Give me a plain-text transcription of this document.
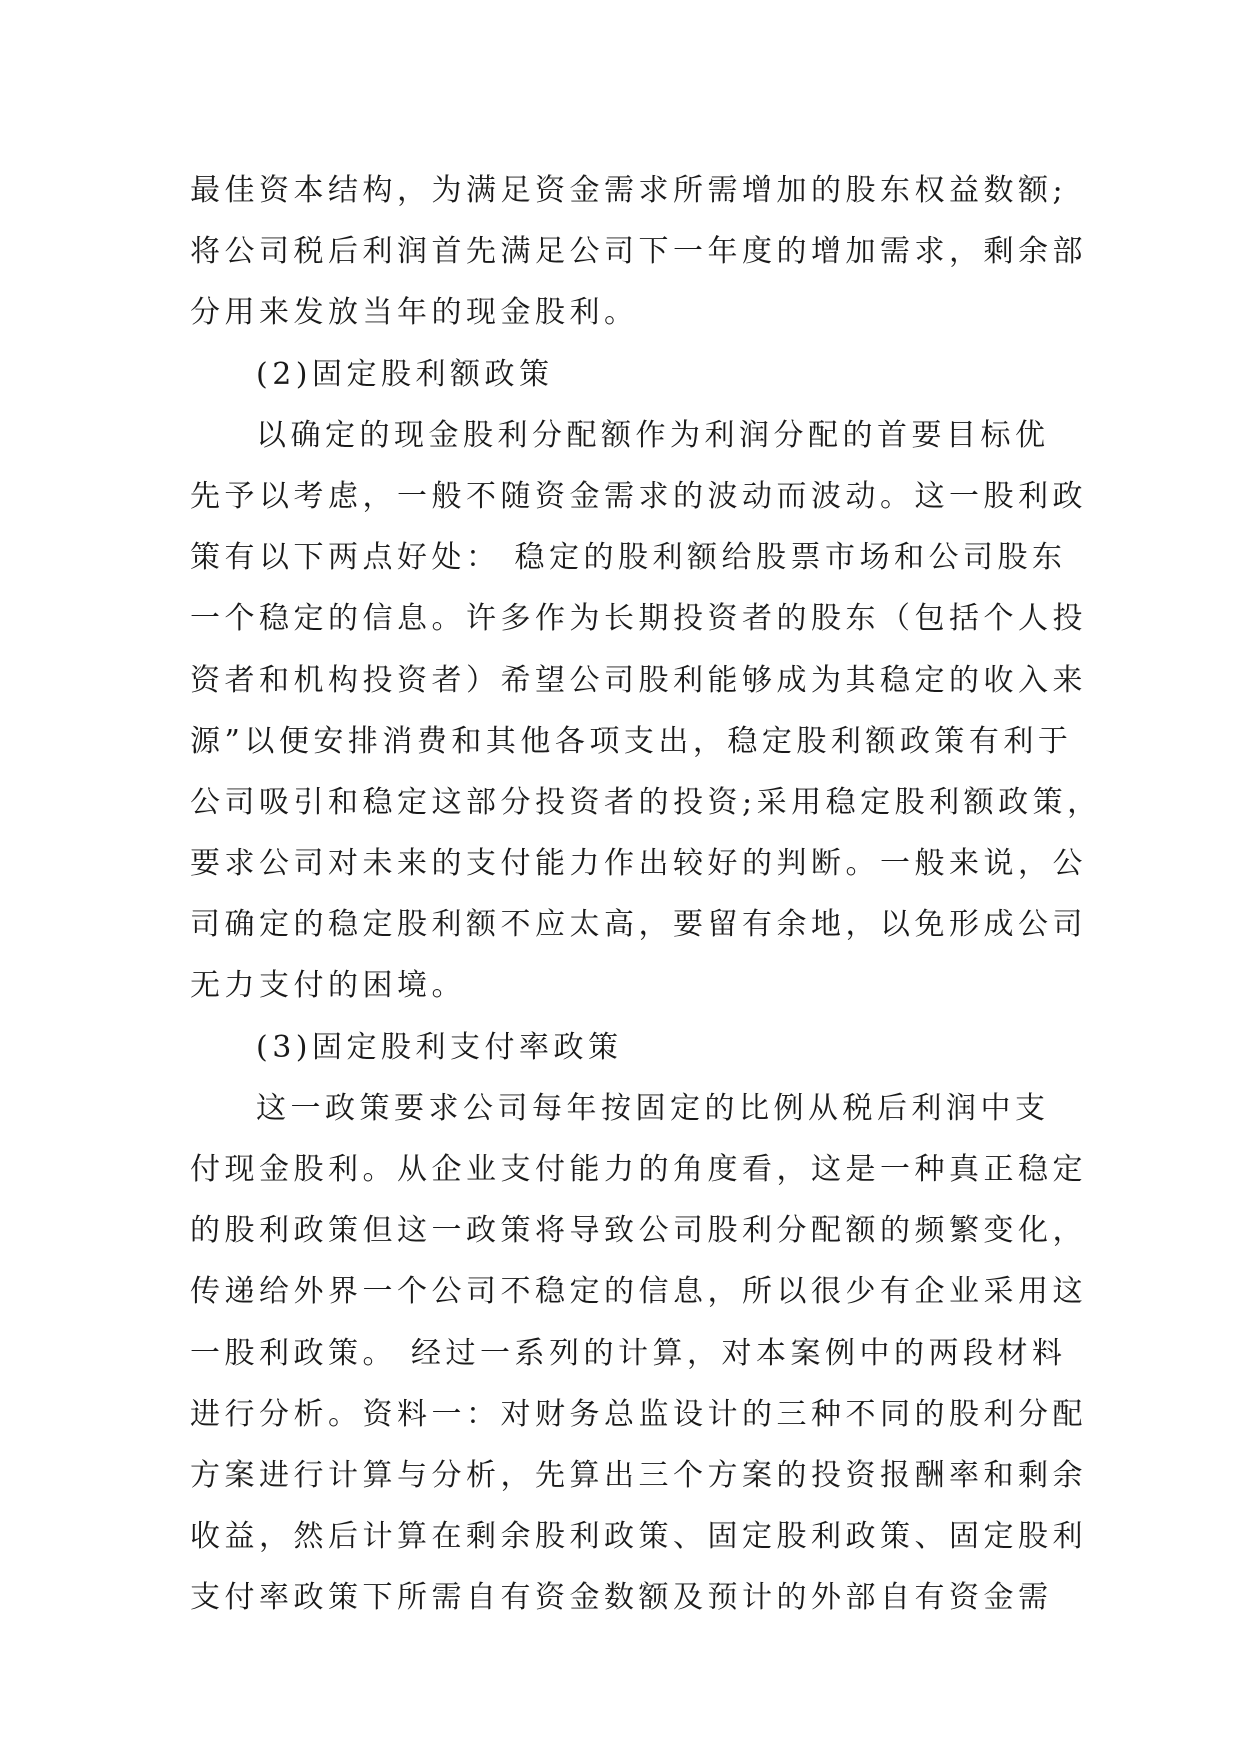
最佳资本结构，为满足资金需求所需增加的股东权益数额;
将公司税后利润首先满足公司下一年度的增加需求，剩余部
分用来发放当年的现金股利。
(2)固定股利额政策
以确定的现金股利分配额作为利润分配的首要目标优
先予以考虑，一般不随资金需求的波动而波动。这一股利政
策有以下两点好处： 稳定的股利额给股票市场和公司股东
一个稳定的信息。许多作为长期投资者的股东（包括个人投
资者和机构投资者）希望公司股利能够成为其稳定的收入来
源”以便安排消费和其他各项支出，稳定股利额政策有利于
公司吸引和稳定这部分投资者的投资;采用稳定股利额政策，
要求公司对未来的支付能力作出较好的判断。一般来说，公
司确定的稳定股利额不应太高，要留有余地，以免形成公司
无力支付的困境。
(3)固定股利支付率政策
这一政策要求公司每年按固定的比例从税后利润中支
付现金股利。从企业支付能力的角度看，这是一种真正稳定
的股利政策但这一政策将导致公司股利分配额的频繁变化，
传递给外界一个公司不稳定的信息，所以很少有企业采用这
一股利政策。 经过一系列的计算，对本案例中的两段材料
进行分析。资料一：对财务总监设计的三种不同的股利分配
方案进行计算与分析，先算出三个方案的投资报酬率和剩余
收益，然后计算在剩余股利政策、固定股利政策、固定股利
支付率政策下所需自有资金数额及预计的外部自有资金需
